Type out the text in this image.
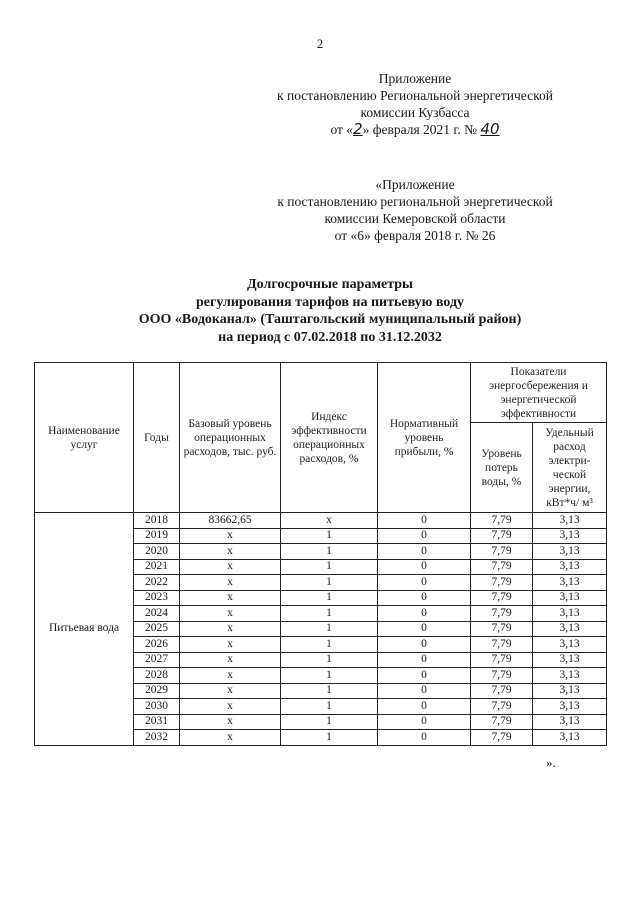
2
Приложение
к постановлению Региональной энергетической
комиссии Кузбасса
от «2» февраля 2021 г. № 40
«Приложение
к постановлению региональной энергетической
комиссии Кемеровской области
от «6» февраля 2018 г. № 26
Долгосрочные параметры
регулирования тарифов на питьевую воду
ООО «Водоканал» (Таштагольский муниципальный район)
на период с 07.02.2018 по 31.12.2032
Наименование услуг	Годы	Базовый уровень операционных расходов, тыс. руб.	Индекс эффективности операционных расходов, %	Нормативный уровень прибыли, %	Показатели энергосбережения и энергетической эффективности	
					Уровень потерь воды, %	Удельный расход электри-ческой энергии, кВт*ч/ м³
Питьевая вода	2018	83662,65	x	0	7,79	3,13
	2019	x	1	0	7,79	3,13
	2020	x	1	0	7,79	3,13
	2021	x	1	0	7,79	3,13
	2022	x	1	0	7,79	3,13
	2023	x	1	0	7,79	3,13
	2024	x	1	0	7,79	3,13
	2025	x	1	0	7,79	3,13
	2026	x	1	0	7,79	3,13
	2027	x	1	0	7,79	3,13
	2028	x	1	0	7,79	3,13
	2029	x	1	0	7,79	3,13
	2030	x	1	0	7,79	3,13
	2031	x	1	0	7,79	3,13
	2032	x	1	0	7,79	3,13
».
